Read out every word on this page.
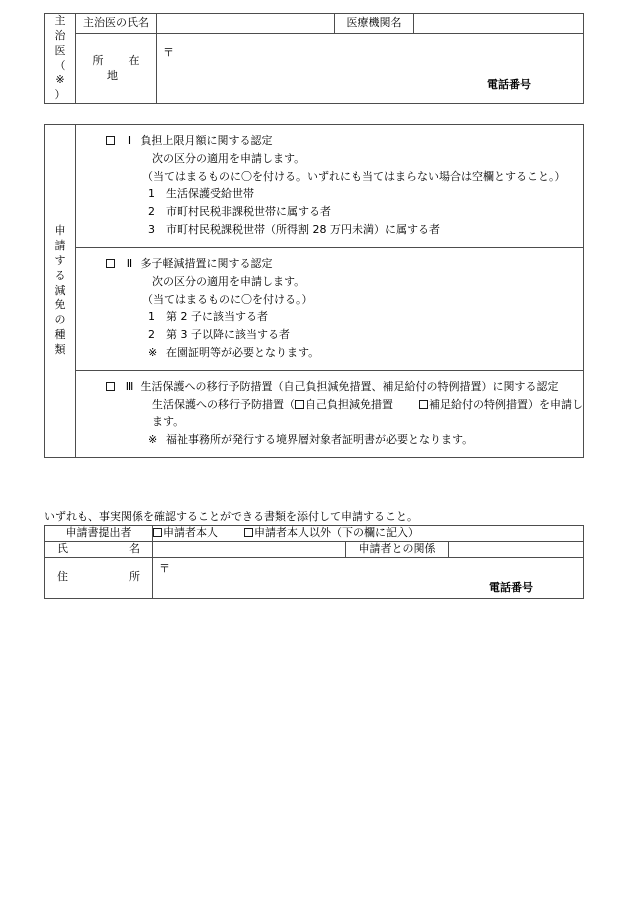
主
治
医
（
※
）
	主治医の氏名		医療機関名	
	所　在　地	〒
電話番号		
申
請
す
る
減
免
の
種
類

Ⅰ 負担上限月額に関する認定
次の区分の適用を申請します。
（当てはまるものに〇を付ける。いずれにも当てはまらない場合は空欄とすること。）
1 生活保護受給世帯
2 市町村民税非課税世帯に属する者
3 市町村民税課税世帯（所得割 28 万円未満）に属する者
Ⅱ 多子軽減措置に関する認定
次の区分の適用を申請します。
（当てはまるものに〇を付ける。）
1 第 2 子に該当する者
2 第 3 子以降に該当する者
※ 在園証明等が必要となります。
Ⅲ 生活保護への移行予防措置（自己負担減免措置、補足給付の特例措置）に関する認定
生活保護への移行予防措置（ 自己負担減免措置	補足給付の特例措置）を申請し
ます。
※ 福祉事務所が発行する境界層対象者証明書が必要となります。
いずれも、事実関係を確認することができる書類を添付して申請すること。
申請書提出者	申請者本人 申請者本人以外（下の欄に記入）		
氏　　　名		申請者との関係	
住　　　所	〒
電話番号		
